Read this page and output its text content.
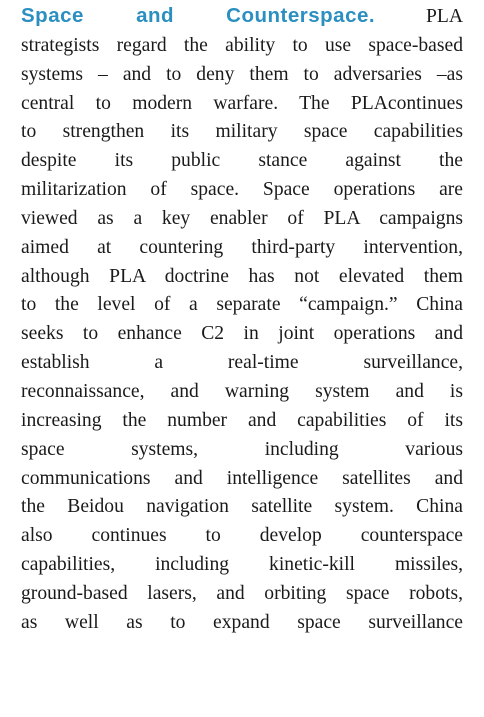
Space and Counterspace.	PLA
strategists regard the ability to use space-based
systems – and to deny them to adversaries –as
central to modern warfare. The PLAcontinues
to strengthen its military space capabilities
despite its public stance against the
militarization of space. Space operations are
viewed as a key enabler of PLA campaigns
aimed at countering third-party intervention,
although PLA doctrine has not elevated them
to the level of a separate “campaign.” China
seeks to enhance C2 in joint operations and
establish a real-time surveillance,
reconnaissance, and warning system and is
increasing the number and capabilities of its
space systems, including various
communications and intelligence satellites and
the Beidou navigation satellite system. China
also continues to develop counterspace
capabilities, including kinetic-kill missiles,
ground-based lasers, and orbiting space robots,
as well as to expand space surveillance
